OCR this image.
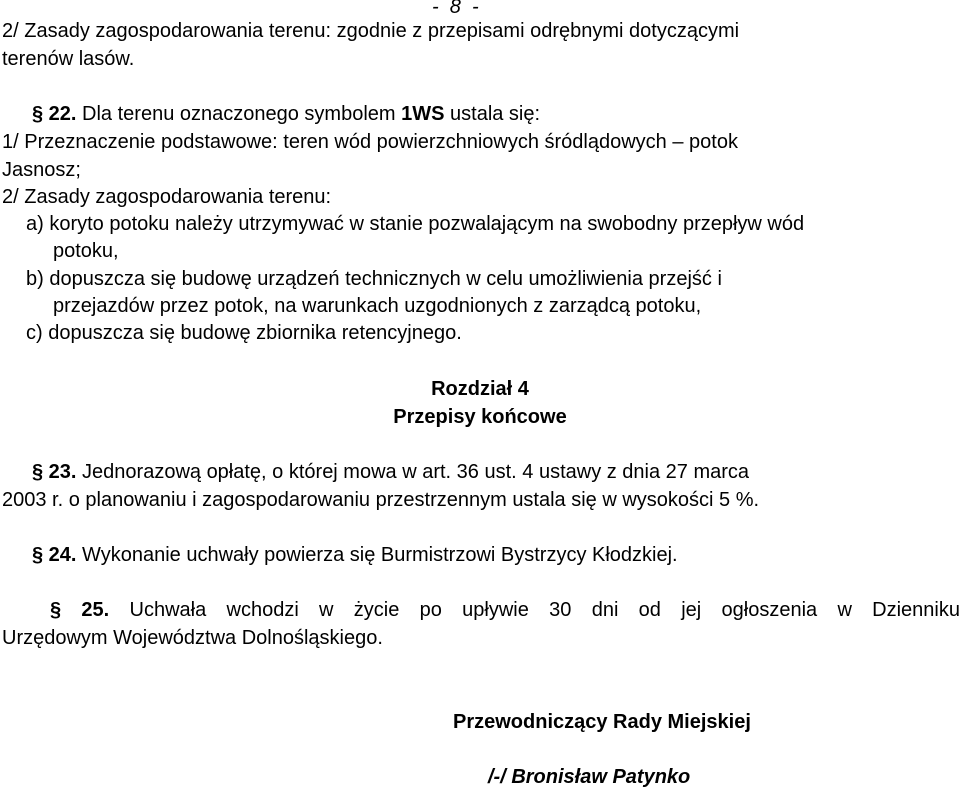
-  8  -
2/ Zasady zagospodarowania terenu: zgodnie z przepisami odrębnymi dotyczącymi
terenów lasów.
§ 22. Dla terenu oznaczonego symbolem 1WS ustala się:
1/ Przeznaczenie podstawowe: teren wód powierzchniowych śródlądowych – potok
Jasnosz;
2/ Zasady zagospodarowania terenu:
a) koryto potoku należy utrzymywać w stanie pozwalającym na swobodny przepływ wód
potoku,
b) dopuszcza się budowę urządzeń technicznych w celu umożliwienia przejść i
przejazdów przez potok, na warunkach uzgodnionych z zarządcą potoku,
c) dopuszcza się budowę zbiornika retencyjnego.
Rozdział 4
Przepisy końcowe
§ 23. Jednorazową opłatę, o której mowa w art. 36 ust. 4 ustawy z dnia 27 marca
2003 r. o planowaniu i zagospodarowaniu przestrzennym ustala się w wysokości 5 %.
§ 24. Wykonanie uchwały powierza się Burmistrzowi Bystrzycy Kłodzkiej.
§ 25. Uchwała wchodzi w życie po upływie 30 dni od jej ogłoszenia w Dzienniku
Urzędowym Województwa Dolnośląskiego.
Przewodniczący Rady Miejskiej
/-/ Bronisław Patynko
